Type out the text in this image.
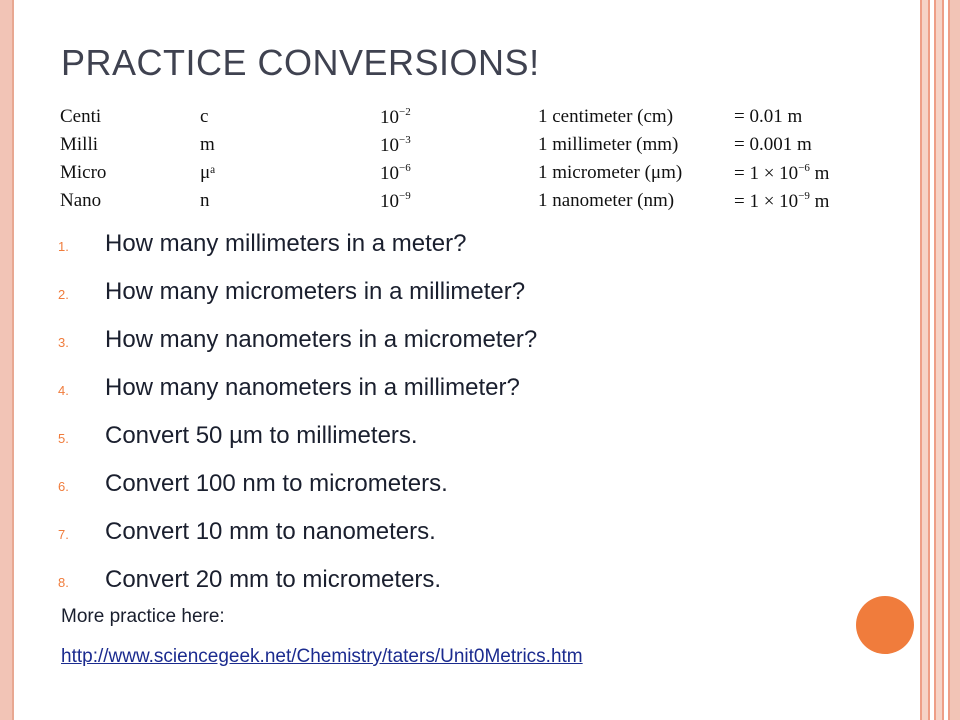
PRACTICE CONVERSIONS!
Centi	c	$10^{-2}$	1 centimeter (cm)	= 0.01 m
Milli	m	$10^{-3}$	1 millimeter (mm)	= 0.001 m
Micro	μᵃ	$10^{-6}$	1 micrometer (μm)	= $1 \times 10^{-6}$ m
Nano	n	$10^{-9}$	1 nanometer (nm)	= $1 \times 10^{-9}$ m
1. How many millimeters in a meter?
2. How many micrometers in a millimeter?
3. How many nanometers in a micrometer?
4. How many nanometers in a millimeter?
5. Convert 50 µm to millimeters.
6. Convert 100 nm to micrometers.
7. Convert 10 mm to nanometers.
8. Convert 20 mm to micrometers.
More practice here:
http://www.sciencegeek.net/Chemistry/taters/Unit0Metrics.htm
